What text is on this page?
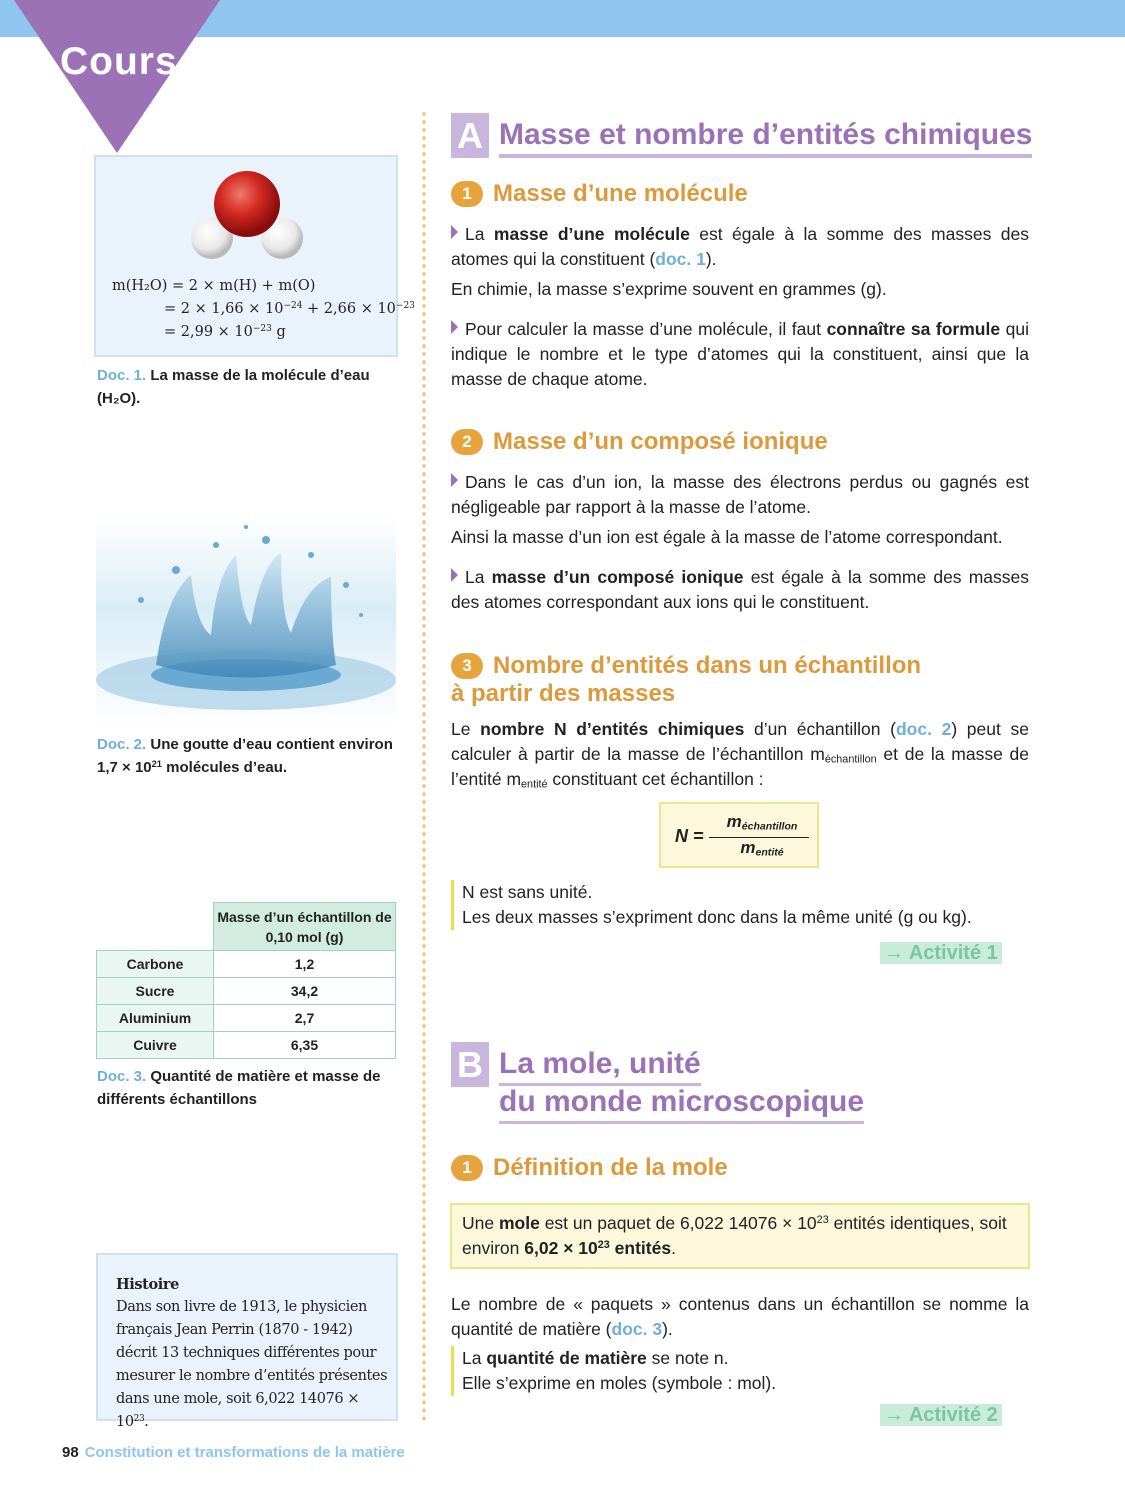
Cours
m(H₂O) = 2 × m(H) + m(O)
= $2 \times 1,66 \times 10^{-24} + 2,66 \times 10^{-23}$
= $2,99 \times 10^{-23}$ g
Doc. 1. La masse de la molécule d’eau (H₂O).
Doc. 2. Une goutte d’eau contient environ $1,7 \times 10^{21}$ molécules d’eau.
	Masse d’un échantillon de 0,10 mol (g)
Carbone	1,2
Sucre	34,2
Aluminium	2,7
Cuivre	6,35
Doc. 3. Quantité de matière et masse de différents échantillons
Histoire
Dans son livre de 1913, le physicien français Jean Perrin (1870 - 1942) décrit 13 techniques différentes pour mesurer le nombre d’entités présentes dans une mole, soit 6,022 $14076 \times 10^{23}$.
98 Constitution et transformations de la matière
A Masse et nombre d’entités chimiques
1 Masse d’une molécule
La masse d’une molécule est égale à la somme des masses des atomes qui la constituent (doc. 1).
En chimie, la masse s’exprime souvent en grammes (g).
Pour calculer la masse d’une molécule, il faut connaître sa formule qui indique le nombre et le type d’atomes qui la constituent, ainsi que la masse de chaque atome.
2 Masse d’un composé ionique
Dans le cas d’un ion, la masse des électrons perdus ou gagnés est négligeable par rapport à la masse de l’atome.
Ainsi la masse d’un ion est égale à la masse de l’atome correspondant.
La masse d’un composé ionique est égale à la somme des masses des atomes correspondant aux ions qui le constituent.
3 Nombre d’entités dans un échantillon
à partir des masses
Le nombre N d’entités chimiques d’un échantillon (doc. 2) peut se calculer à partir de la masse de l’échantillon $m_{échantillon}$ et de la masse de l’entité $m_{entité}$ constituant cet échantillon :
N =
$m_{échantillon}$
$m_{entité}$
N est sans unité.
Les deux masses s’expriment donc dans la même unité (g ou kg).
→ Activité 1
B La mole, unité
du monde microscopique
1 Définition de la mole
Une mole est un paquet de 6,022 $14076 \times 10^{23}$ entités identiques, soit environ $6,02 \times 10^{23}$ entités.
Le nombre de « paquets » contenus dans un échantillon se nomme la quantité de matière (doc. 3).
La quantité de matière se note n.
Elle s’exprime en moles (symbole : mol).
→ Activité 2
